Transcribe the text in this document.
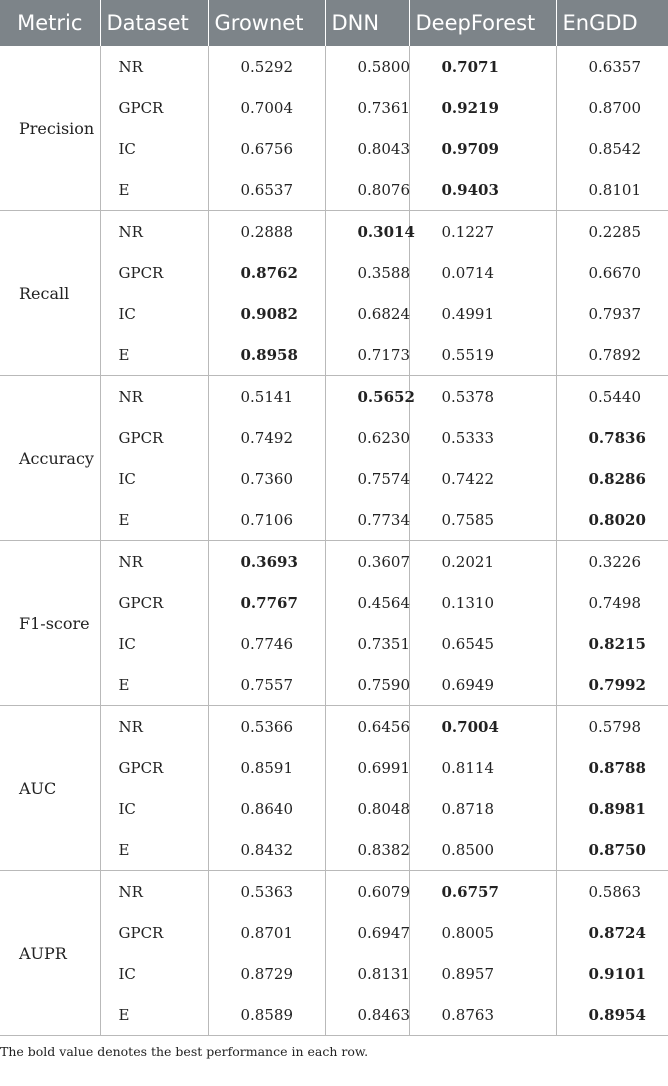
Metric	Dataset	Grownet	DNN	DeepForest	EnGDD
Precision	NR	0.5292	0.5800	0.7071	0.6357
	GPCR	0.7004	0.7361	0.9219	0.8700
	IC	0.6756	0.8043	0.9709	0.8542
	E	0.6537	0.8076	0.9403	0.8101
Recall	NR	0.2888	0.3014	0.1227	0.2285
	GPCR	0.8762	0.3588	0.0714	0.6670
	IC	0.9082	0.6824	0.4991	0.7937
	E	0.8958	0.7173	0.5519	0.7892
Accuracy	NR	0.5141	0.5652	0.5378	0.5440
	GPCR	0.7492	0.6230	0.5333	0.7836
	IC	0.7360	0.7574	0.7422	0.8286
	E	0.7106	0.7734	0.7585	0.8020
F1-score	NR	0.3693	0.3607	0.2021	0.3226
	GPCR	0.7767	0.4564	0.1310	0.7498
	IC	0.7746	0.7351	0.6545	0.8215
	E	0.7557	0.7590	0.6949	0.7992
AUC	NR	0.5366	0.6456	0.7004	0.5798
	GPCR	0.8591	0.6991	0.8114	0.8788
	IC	0.8640	0.8048	0.8718	0.8981
	E	0.8432	0.8382	0.8500	0.8750
AUPR	NR	0.5363	0.6079	0.6757	0.5863
	GPCR	0.8701	0.6947	0.8005	0.8724
	IC	0.8729	0.8131	0.8957	0.9101
	E	0.8589	0.8463	0.8763	0.8954
The bold value denotes the best performance in each row.
